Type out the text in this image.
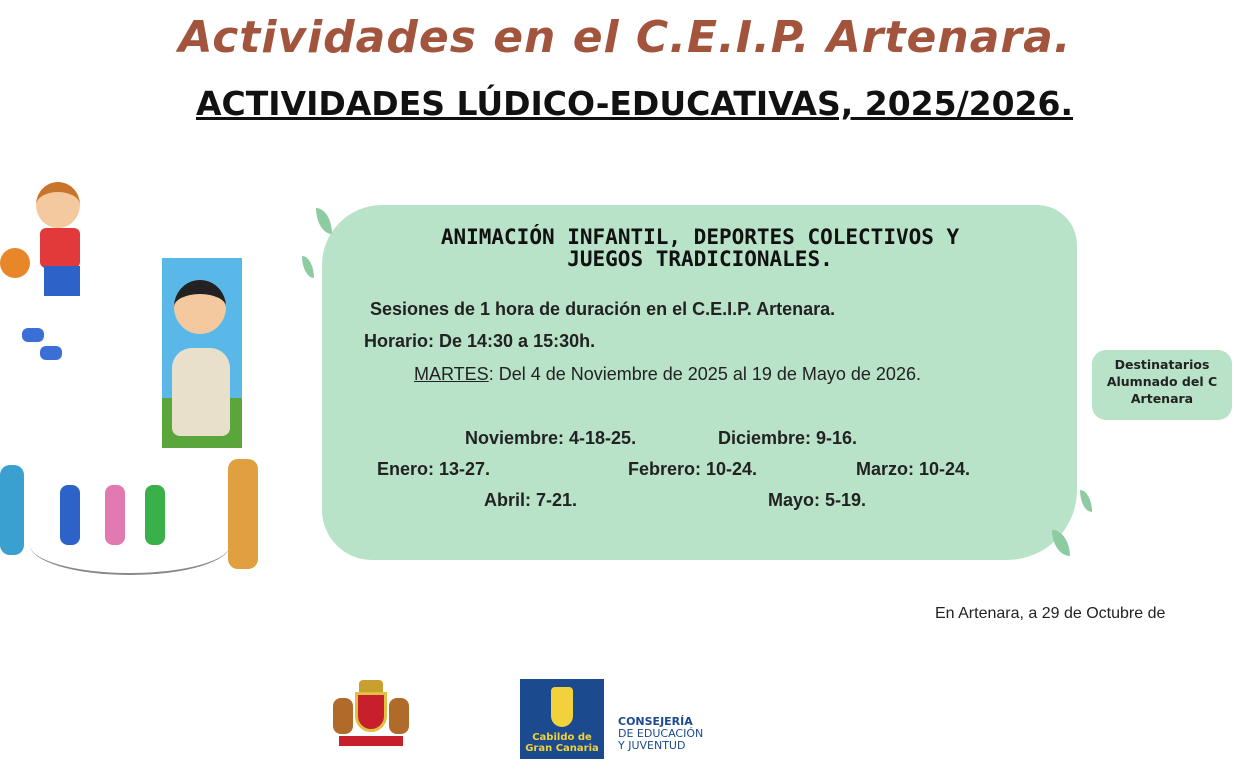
Actividades en el C.E.I.P. Artenara.
ACTIVIDADES LÚDICO-EDUCATIVAS, 2025/2026.
ANIMACIÓN INFANTIL, DEPORTES COLECTIVOS Y
JUEGOS TRADICIONALES.
Sesiones de 1 hora de duración en el C.E.I.P. Artenara.
Horario: De 14:30 a 15:30h.
MARTES: Del 4 de Noviembre de 2025 al 19 de Mayo de 2026.
Noviembre: 4-18-25.	Diciembre: 9-16.
Enero: 13-27.	Febrero: 10-24.	Marzo: 10-24.
Abril: 7-21.	Mayo: 5-19.
Destinatarios
Alumnado del C
Artenara
En Artenara, a 29 de Octubre de
Cabildo de
Gran Canaria
CONSEJERÍA
DE EDUCACIÓN
Y JUVENTUD
